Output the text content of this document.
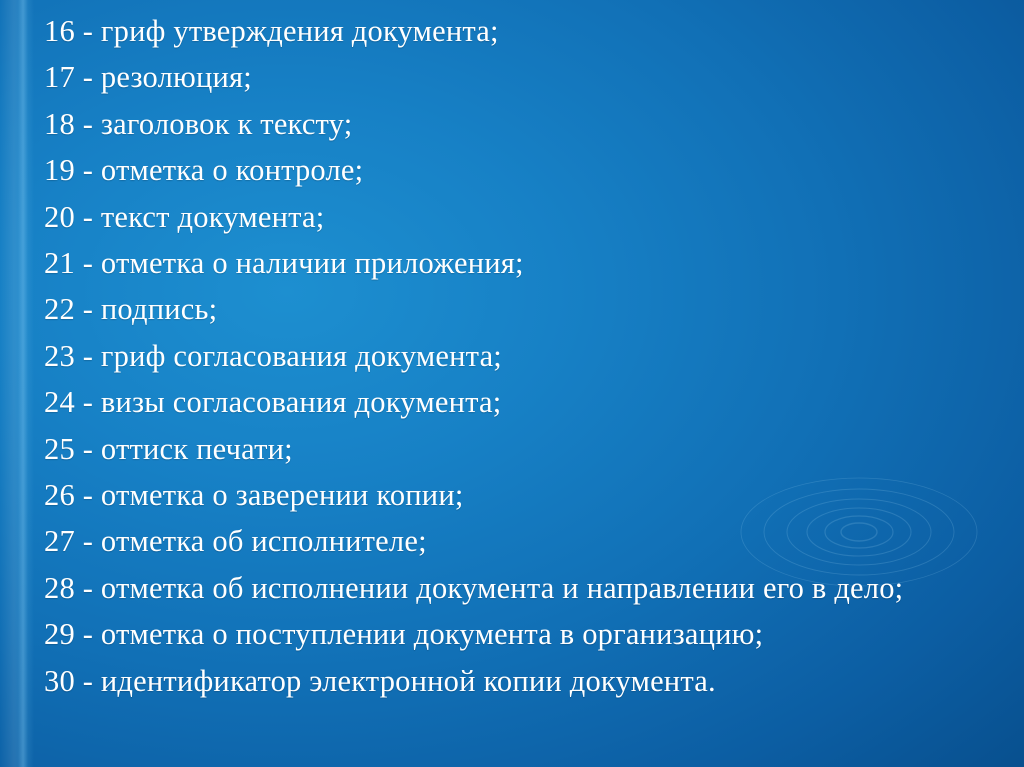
16 - гриф утверждения документа;
17 - резолюция;
18 - заголовок к тексту;
19 - отметка о контроле;
20 - текст документа;
21 - отметка о наличии приложения;
22 - подпись;
23 - гриф согласования документа;
24 - визы согласования документа;
25 - оттиск печати;
26 - отметка о заверении копии;
27 - отметка об исполнителе;
28 - отметка об исполнении документа и направлении его в дело;
29 - отметка о поступлении документа в организацию;
30 - идентификатор электронной копии документа.
